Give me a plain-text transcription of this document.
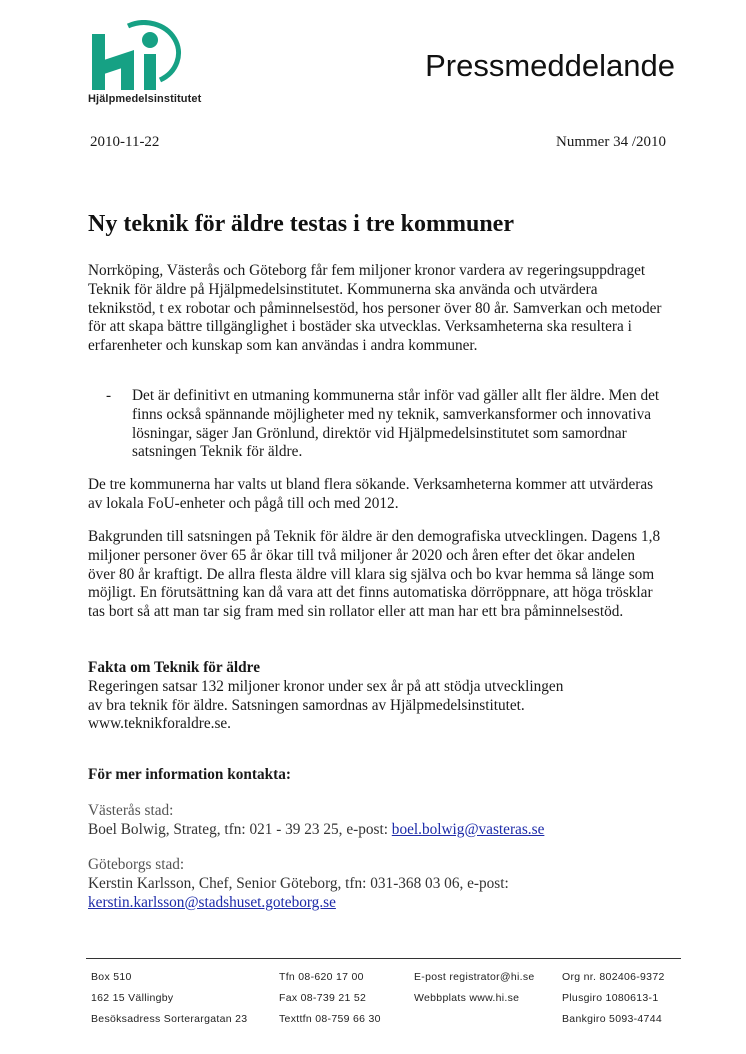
Hjälpmedelsinstitutet
Pressmeddelande
2010-11-22	Nummer 34 /2010
Ny teknik för äldre testas i tre kommuner

Norrköping, Västerås och Göteborg får fem miljoner kronor vardera av regeringsuppdraget Teknik för äldre på Hjälpmedelsinstitutet. Kommunerna ska använda och utvärdera teknikstöd, t ex robotar och påminnelsestöd, hos personer över 80 år. Samverkan och metoder för att skapa bättre tillgänglighet i bostäder ska utvecklas. Verksamheterna ska resultera i erfarenheter och kunskap som kan användas i andra kommuner.

- Det är definitivt en utmaning kommunerna står inför vad gäller allt fler äldre. Men det finns också spännande möjligheter med ny teknik, samverkansformer och innovativa lösningar, säger Jan Grönlund, direktör vid Hjälpmedelsinstitutet som samordnar satsningen Teknik för äldre.

De tre kommunerna har valts ut bland flera sökande. Verksamheterna kommer att utvärderas av lokala FoU-enheter och pågå till och med 2012.

Bakgrunden till satsningen på Teknik för äldre är den demografiska utvecklingen. Dagens 1,8 miljoner personer över 65 år ökar till två miljoner år 2020 och åren efter det ökar andelen över 80 år kraftigt. De allra flesta äldre vill klara sig själva och bo kvar hemma så länge som möjligt. En förutsättning kan då vara att det finns automatiska dörröppnare, att höga trösklar tas bort så att man tar sig fram med sin rollator eller att man har ett bra påminnelsestöd.

Fakta om Teknik för äldre
Regeringen satsar 132 miljoner kronor under sex år på att stödja utvecklingen
av bra teknik för äldre. Satsningen samordnas av Hjälpmedelsinstitutet.
www.teknikforaldre.se.
För mer information kontakta:
Västerås stad:
Boel Bolwig, Strateg, tfn: 021 - 39 23 25, e-post: boel.bolwig@vasteras.se
Göteborgs stad:
Kerstin Karlsson, Chef, Senior Göteborg, tfn: 031-368 03 06, e-post:
kerstin.karlsson@stadshuset.goteborg.se
Box 510
162 15 Vällingby
Besöksadress Sorterargatan 23
Tfn 08-620 17 00
Fax 08-739 21 52
Texttfn 08-759 66 30
E-post registrator@hi.se
Webbplats www.hi.se
Org nr. 802406-9372
Plusgiro 1080613-1
Bankgiro 5093-4744
